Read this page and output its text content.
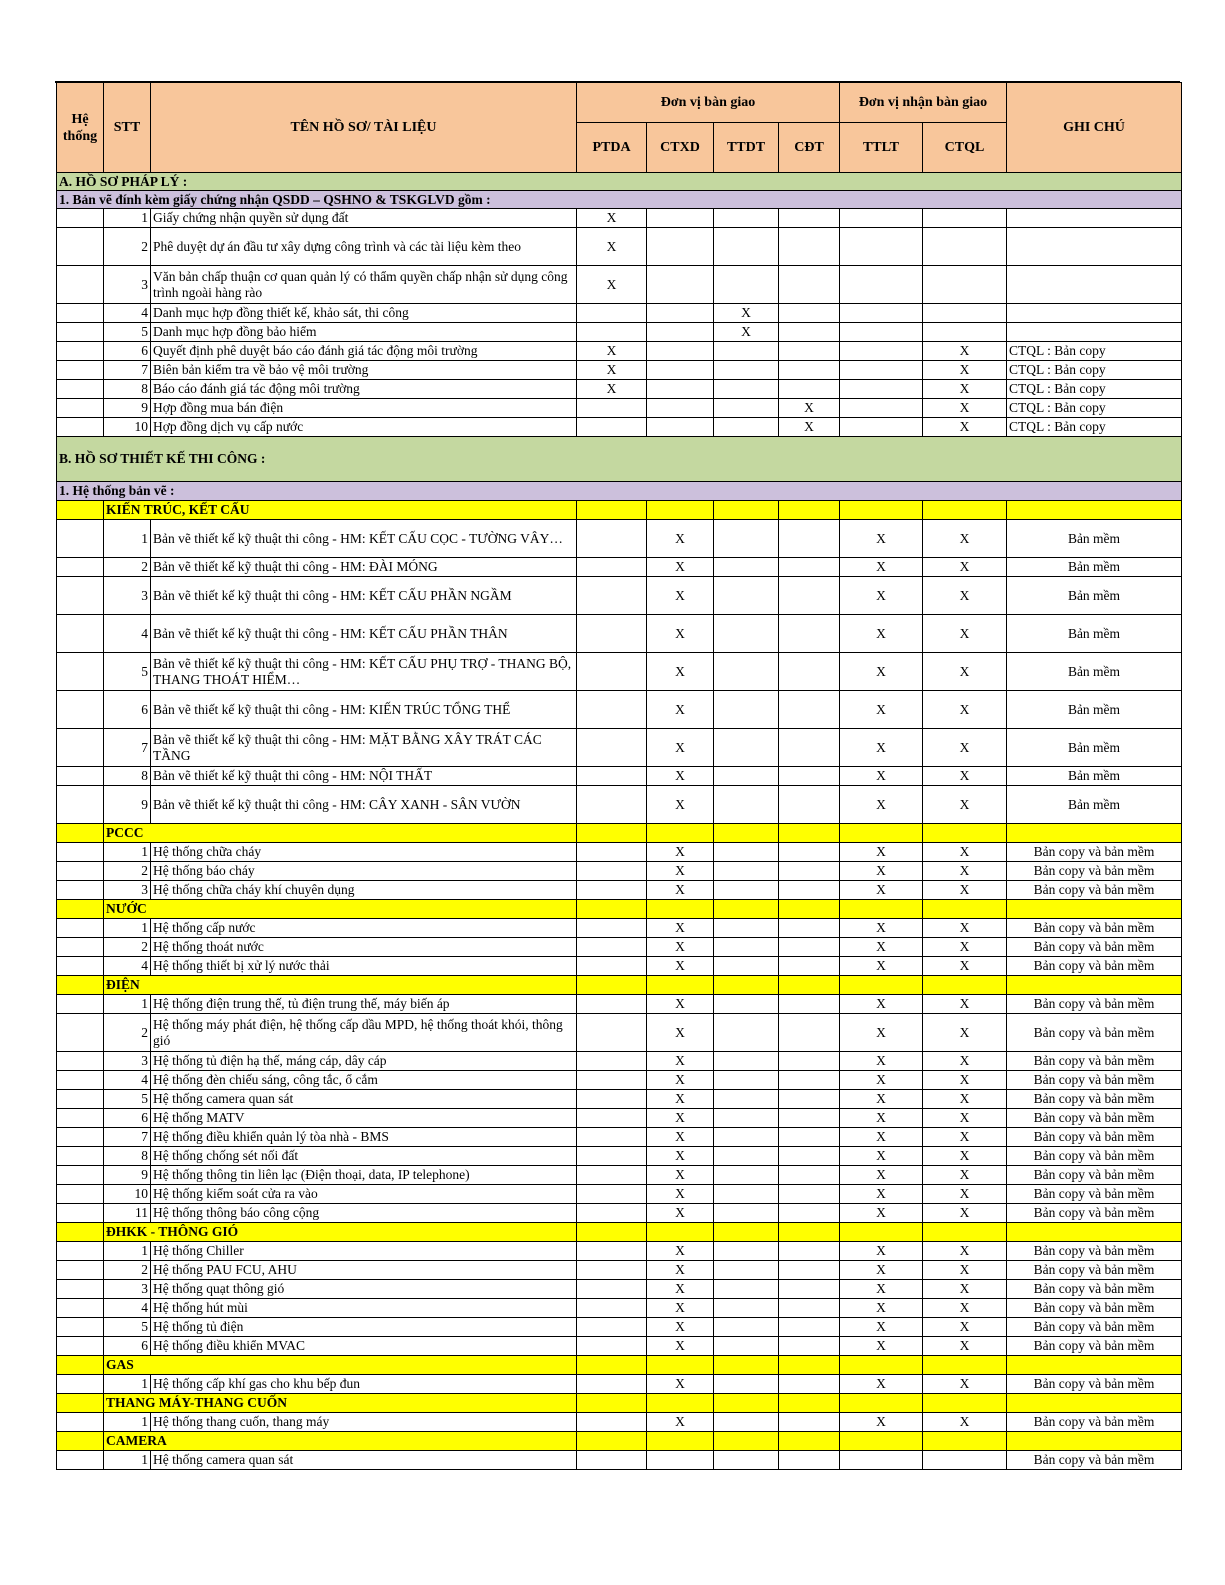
Hệ thống	STT	TÊN HỒ SƠ/ TÀI LIỆU	Đơn vị bàn giao				Đơn vị nhận bàn giao		GHI CHÚ
			PTDA	CTXD	TTDT	CĐT	TTLT	CTQL	
A. HỒ SƠ PHÁP LÝ :									
1. Bản vẽ đính kèm giấy chứng nhận QSDD – QSHNO & TSKGLVD gồm :									
	1	Giấy chứng nhận quyền sử dụng đất	X						
	2	Phê duyệt dự án đầu tư xây dựng công trình và các tài liệu kèm theo	X						
	3	Văn bản chấp thuận cơ quan quản lý có thẩm quyền chấp nhận sử dụng công trình ngoài hàng rào	X						
	4	Danh mục hợp đồng thiết kế, khảo sát, thi công			X				
	5	Danh mục hợp đồng bảo hiểm			X				
	6	Quyết định phê duyệt báo cáo đánh giá tác động môi trường	X					X	CTQL : Bản copy
	7	Biên bản kiểm tra về bảo vệ môi trường	X					X	CTQL : Bản copy
	8	Báo cáo đánh giá tác động môi trường	X					X	CTQL : Bản copy
	9	Hợp đồng mua bán điện				X		X	CTQL : Bản copy
	10	Hợp đồng dịch vụ cấp nước				X		X	CTQL : Bản copy
B. HỒ SƠ THIẾT KẾ THI CÔNG :									
1. Hệ thống bản vẽ :									
	KIẾN TRÚC, KẾT CẤU								
	1	Bản vẽ thiết kế kỹ thuật thi công - HM: KẾT CẤU CỌC - TƯỜNG VÂY…		X			X	X	Bản mềm
	2	Bản vẽ thiết kế kỹ thuật thi công - HM: ĐÀI MÓNG		X			X	X	Bản mềm
	3	Bản vẽ thiết kế kỹ thuật thi công - HM: KẾT CẤU PHẦN NGẦM		X			X	X	Bản mềm
	4	Bản vẽ thiết kế kỹ thuật thi công - HM: KẾT CẤU PHẦN THÂN		X			X	X	Bản mềm
	5	Bản vẽ thiết kế kỹ thuật thi công - HM: KẾT CẤU PHỤ TRỢ - THANG BỘ, THANG THOÁT HIỂM…		X			X	X	Bản mềm
	6	Bản vẽ thiết kế kỹ thuật thi công - HM: KIẾN TRÚC TỔNG THỂ		X			X	X	Bản mềm
	7	Bản vẽ thiết kế kỹ thuật thi công - HM: MẶT BẰNG XÂY TRÁT CÁC TẦNG		X			X	X	Bản mềm
	8	Bản vẽ thiết kế kỹ thuật thi công - HM: NỘI THẤT		X			X	X	Bản mềm
	9	Bản vẽ thiết kế kỹ thuật thi công - HM: CÂY XANH - SÂN VƯỜN		X			X	X	Bản mềm
	PCCC								
	1	Hệ thống chữa cháy		X			X	X	Bản copy và bản mềm
	2	Hệ thống báo cháy		X			X	X	Bản copy và bản mềm
	3	Hệ thống chữa cháy khí chuyên dụng		X			X	X	Bản copy và bản mềm
	NƯỚC								
	1	Hệ thống cấp nước		X			X	X	Bản copy và bản mềm
	2	Hệ thống thoát nước		X			X	X	Bản copy và bản mềm
	4	Hệ thống thiết bị xử lý nước thải		X			X	X	Bản copy và bản mềm
	ĐIỆN								
	1	Hệ thống điện trung thế, tủ điện trung thế, máy biến áp		X			X	X	Bản copy và bản mềm
	2	Hệ thống máy phát điện, hệ thống cấp dầu MPD, hệ thống thoát khói, thông gió		X			X	X	Bản copy và bản mềm
	3	Hệ thống tủ điện hạ thế, máng cáp, dây cáp		X			X	X	Bản copy và bản mềm
	4	Hệ thống đèn chiếu sáng, công tắc, ổ cắm		X			X	X	Bản copy và bản mềm
	5	Hệ thống camera quan sát		X			X	X	Bản copy và bản mềm
	6	Hệ thống MATV		X			X	X	Bản copy và bản mềm
	7	Hệ thống điều khiển quản lý tòa nhà - BMS		X			X	X	Bản copy và bản mềm
	8	Hệ thống chống sét nối đất		X			X	X	Bản copy và bản mềm
	9	Hệ thống thông tin liên lạc (Điện thoại, data, IP telephone)		X			X	X	Bản copy và bản mềm
	10	Hệ thống kiểm soát cửa ra vào		X			X	X	Bản copy và bản mềm
	11	Hệ thống thông báo công cộng		X			X	X	Bản copy và bản mềm
	ĐHKK - THÔNG GIÓ								
	1	Hệ thống Chiller		X			X	X	Bản copy và bản mềm
	2	Hệ thống PAU FCU, AHU		X			X	X	Bản copy và bản mềm
	3	Hệ thống quạt thông gió		X			X	X	Bản copy và bản mềm
	4	Hệ thống hút mùi		X			X	X	Bản copy và bản mềm
	5	Hệ thống tủ điện		X			X	X	Bản copy và bản mềm
	6	Hệ thống điều khiển MVAC		X			X	X	Bản copy và bản mềm
	GAS								
	1	Hệ thống cấp khí gas cho khu bếp đun		X			X	X	Bản copy và bản mềm
	THANG MÁY-THANG CUỐN								
	1	Hệ thống thang cuốn, thang máy		X			X	X	Bản copy và bản mềm
	CAMERA								
	1	Hệ thống camera quan sát							Bản copy và bản mềm
